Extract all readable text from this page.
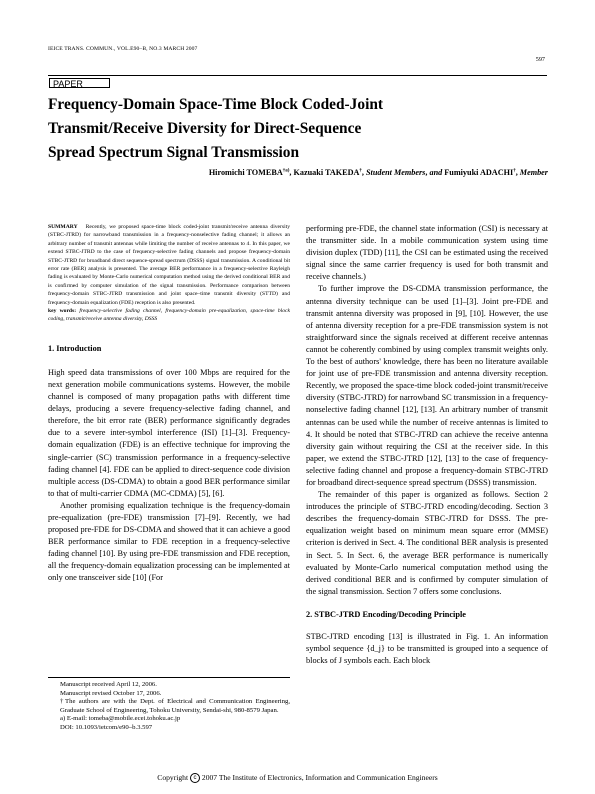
IEICE TRANS. COMMUN., VOL.E90–B, NO.3 MARCH 2007
597
PAPER
Frequency-Domain Space-Time Block Coded-Joint
Transmit/Receive Diversity for Direct-Sequence
Spread Spectrum Signal Transmission
Hiromichi TOMEBA$^{\dagger a)}$, Kazuaki TAKEDA†, Student Members, and Fumiyuki ADACHI†, Member

SUMMARY Recently, we proposed space-time block coded-joint transmit/receive antenna diversity (STBC-JTRD) for narrowband transmission in a frequency-nonselective fading channel; it allows an arbitrary number of transmit antennas while limiting the number of receive antennas to 4. In this paper, we extend STBC-JTRD to the case of frequency-selective fading channels and propose frequency-domain STBC-JTRD for broadband direct sequence-spread spectrum (DSSS) signal transmission. A conditional bit error rate (BER) analysis is presented. The average BER performance in a frequency-selective Rayleigh fading is evaluated by Monte-Carlo numerical computation method using the derived conditional BER and is confirmed by computer simulation of the signal transmission. Performance comparison between frequency-domain STBC-JTRD transmission and joint space–time transmit diversity (STTD) and frequency-domain equalization (FDE) reception is also presented.

key words: frequency-selective fading channel, frequency-domain pre-equalization, space-time block coding, transmit/receive antenna diversity, DSSS

1. Introduction

High speed data transmissions of over 100 Mbps are required for the next generation mobile communications systems. However, the mobile channel is composed of many propagation paths with different time delays, producing a severe frequency-selective fading channel, and therefore, the bit error rate (BER) performance significantly degrades due to a severe inter-symbol interference (ISI) [1]–[3]. Frequency-domain equalization (FDE) is an effective technique for improving the single-carrier (SC) transmission performance in a frequency-selective fading channel [4]. FDE can be applied to direct-sequence code division multiple access (DS-CDMA) to obtain a good BER performance similar to that of multi-carrier CDMA (MC-CDMA) [5], [6].

Another promising equalization technique is the frequency-domain pre-equalization (pre-FDE) transmission [7]–[9]. Recently, we had proposed pre-FDE for DS-CDMA and showed that it can achieve a good BER performance similar to FDE reception in a frequency-selective fading channel [10]. By using pre-FDE transmission and FDE reception, all the frequency-domain equalization processing can be implemented at only one transceiver side [10] (For

Manuscript received April 12, 2006.

Manuscript revised October 17, 2006.

†The authors are with the Dept. of Electrical and Communication Engineering, Graduate School of Engineering, Tohoku University, Sendai-shi, 980-8579 Japan.

a) E-mail: tomeba@mobile.ecei.tohoku.ac.jp

DOI: 10.1093/ietcom/e90–b.3.597

performing pre-FDE, the channel state information (CSI) is necessary at the transmitter side. In a mobile communication system using time division duplex (TDD) [11], the CSI can be estimated using the received signal since the same carrier frequency is used for both transmit and receive channels.)

To further improve the DS-CDMA transmission performance, the antenna diversity technique can be used [1]–[3]. Joint pre-FDE and transmit antenna diversity was proposed in [9], [10]. However, the use of antenna diversity reception for a pre-FDE transmission system is not straightforward since the signals received at different receive antennas cannot be coherently combined by using complex transmit weights only. To the best of authors' knowledge, there has been no literature available for joint use of pre-FDE transmission and antenna diversity reception. Recently, we proposed the space-time block coded-joint transmit/receive diversity (STBC-JTRD) for narrowband SC transmission in a frequency-nonselective fading channel [12], [13]. An arbitrary number of transmit antennas can be used while the number of receive antennas is limited to 4. It should be noted that STBC-JTRD can achieve the receive antenna diversity gain without requiring the CSI at the receiver side. In this paper, we extend the STBC-JTRD [12], [13] to the case of frequency-selective fading channel and propose a frequency-domain STBC-JTRD for broadband direct-sequence spread spectrum (DSSS) transmission.

The remainder of this paper is organized as follows. Section 2 introduces the principle of STBC-JTRD encoding/decoding. Section 3 describes the frequency-domain STBC-JTRD for DSSS. The pre-equalization weight based on minimum mean square error (MMSE) criterion is derived in Sect. 4. The conditional BER analysis is presented in Sect. 5. In Sect. 6, the average BER performance is numerically evaluated by Monte-Carlo numerical computation method using the derived conditional BER and is confirmed by computer simulation of the signal transmission. Section 7 offers some conclusions.

2. STBC-JTRD Encoding/Decoding Principle

STBC-JTRD encoding [13] is illustrated in Fig. 1. An information symbol sequence {d_j} to be transmitted is grouped into a sequence of blocks of J symbols each. Each block

Copyright c 2007 The Institute of Electronics, Information and Communication Engineers
